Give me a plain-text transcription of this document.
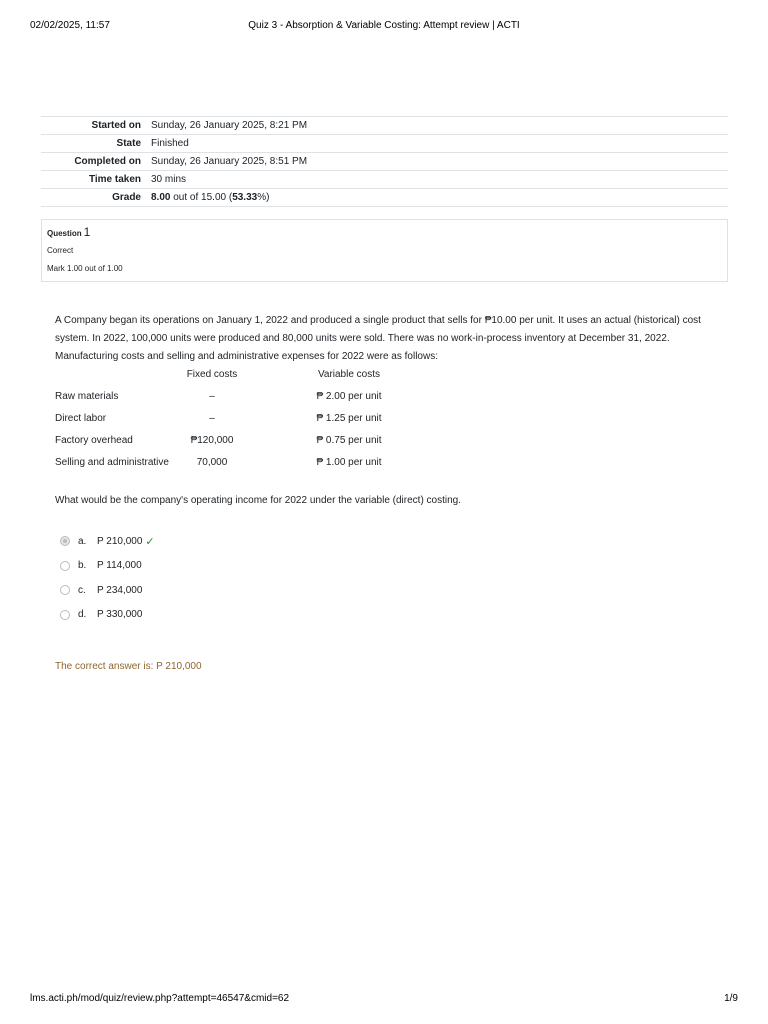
02/02/2025, 11:57	Quiz 3 - Absorption & Variable Costing: Attempt review | ACTI
Started on	Sunday, 26 January 2025, 8:21 PM
State	Finished
Completed on	Sunday, 26 January 2025, 8:51 PM
Time taken	30 mins
Grade	8.00 out of 15.00 (53.33%)
Question 1
Correct
Mark 1.00 out of 1.00
A Company began its operations on January 1, 2022 and produced a single product that sells for ₱10.00 per unit. It uses an actual (historical) cost system. In 2022, 100,000 units were produced and 80,000 units were sold. There was no work-in-process inventory at December 31, 2022. Manufacturing costs and selling and administrative expenses for 2022 were as follows:
	Fixed costs	Variable costs
Raw materials	–	₱ 2.00 per unit
Direct labor	–	₱ 1.25 per unit
Factory overhead	₱120,000	₱ 0.75 per unit
Selling and administrative	70,000	₱ 1.00 per unit
What would be the company's operating income for 2022 under the variable (direct) costing.
a.	P 210,000 ✓
b.	P 114,000
c.	P 234,000
d.	P 330,000
The correct answer is: P 210,000
lms.acti.ph/mod/quiz/review.php?attempt=46547&cmid=62	1/9
